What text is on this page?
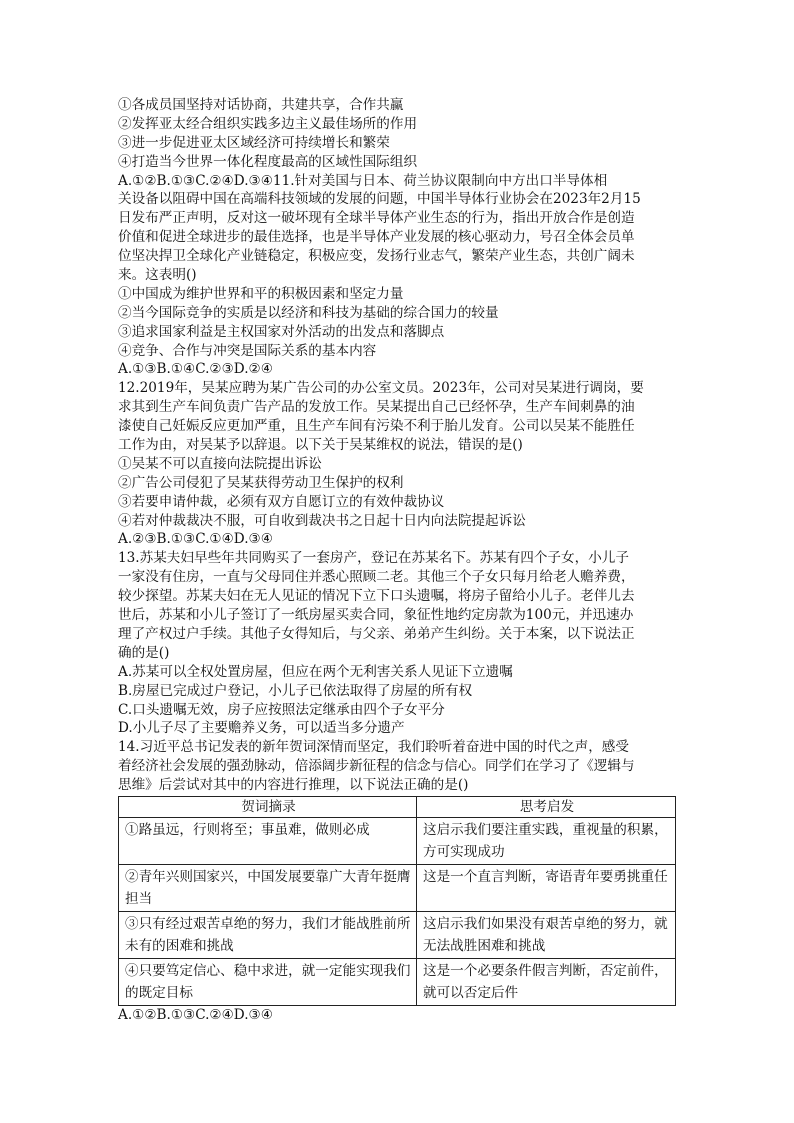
①各成员国坚持对话协商，共建共享，合作共赢
②发挥亚太经合组织实践多边主义最佳场所的作用
③进一步促进亚太区域经济可持续增长和繁荣
④打造当今世界一体化程度最高的区域性国际组织
A.①②B.①③C.②④D.③④11.针对美国与日本、荷兰协议限制向中方出口半导体相
关设备以阻碍中国在高端科技领域的发展的问题，中国半导体行业协会在2023年2月15
日发布严正声明，反对这一破坏现有全球半导体产业生态的行为，指出开放合作是创造
价值和促进全球进步的最佳选择，也是半导体产业发展的核心驱动力，号召全体会员单
位坚决捍卫全球化产业链稳定，积极应变，发扬行业志气，繁荣产业生态，共创广阔未
来。这表明()
①中国成为维护世界和平的积极因素和坚定力量
②当今国际竞争的实质是以经济和科技为基础的综合国力的较量
③追求国家利益是主权国家对外活动的出发点和落脚点
④竞争、合作与冲突是国际关系的基本内容
A.①③B.①④C.②③D.②④
12.2019年，吴某应聘为某广告公司的办公室文员。2023年，公司对吴某进行调岗，要
求其到生产车间负责广告产品的发放工作。吴某提出自己已经怀孕，生产车间刺鼻的油
漆使自己妊娠反应更加严重，且生产车间有污染不利于胎儿发育。公司以吴某不能胜任
工作为由，对吴某予以辞退。以下关于吴某维权的说法，错误的是()
①吴某不可以直接向法院提出诉讼
②广告公司侵犯了吴某获得劳动卫生保护的权利
③若要申请仲裁，必须有双方自愿订立的有效仲裁协议
④若对仲裁裁决不服，可自收到裁决书之日起十日内向法院提起诉讼
A.②③B.①③C.①④D.③④
13.苏某夫妇早些年共同购买了一套房产，登记在苏某名下。苏某有四个子女，小儿子
一家没有住房，一直与父母同住并悉心照顾二老。其他三个子女只每月给老人赡养费，
较少探望。苏某夫妇在无人见证的情况下立下口头遗嘱，将房子留给小儿子。老伴儿去
世后，苏某和小儿子签订了一纸房屋买卖合同，象征性地约定房款为100元，并迅速办
理了产权过户手续。其他子女得知后，与父亲、弟弟产生纠纷。关于本案，以下说法正
确的是()
A.苏某可以全权处置房屋，但应在两个无利害关系人见证下立遗嘱
B.房屋已完成过户登记，小儿子已依法取得了房屋的所有权
C.口头遗嘱无效，房子应按照法定继承由四个子女平分
D.小儿子尽了主要赡养义务，可以适当多分遗产
14.习近平总书记发表的新年贺词深情而坚定，我们聆听着奋进中国的时代之声，感受
着经济社会发展的强劲脉动，倍添阔步新征程的信念与信心。同学们在学习了《逻辑与
思维》后尝试对其中的内容进行推理，以下说法正确的是()
贺词摘录	思考启发
①路虽远，行则将至；事虽难，做则必成	这启示我们要注重实践，重视量的积累，方可实现成功
②青年兴则国家兴，中国发展要靠广大青年挺膺担当	这是一个直言判断，寄语青年要勇挑重任
③只有经过艰苦卓绝的努力，我们才能战胜前所未有的困难和挑战	这启示我们如果没有艰苦卓绝的努力，就无法战胜困难和挑战
④只要笃定信心、稳中求进，就一定能实现我们的既定目标	这是一个必要条件假言判断，否定前件，就可以否定后件
A.①②B.①③C.②④D.③④
